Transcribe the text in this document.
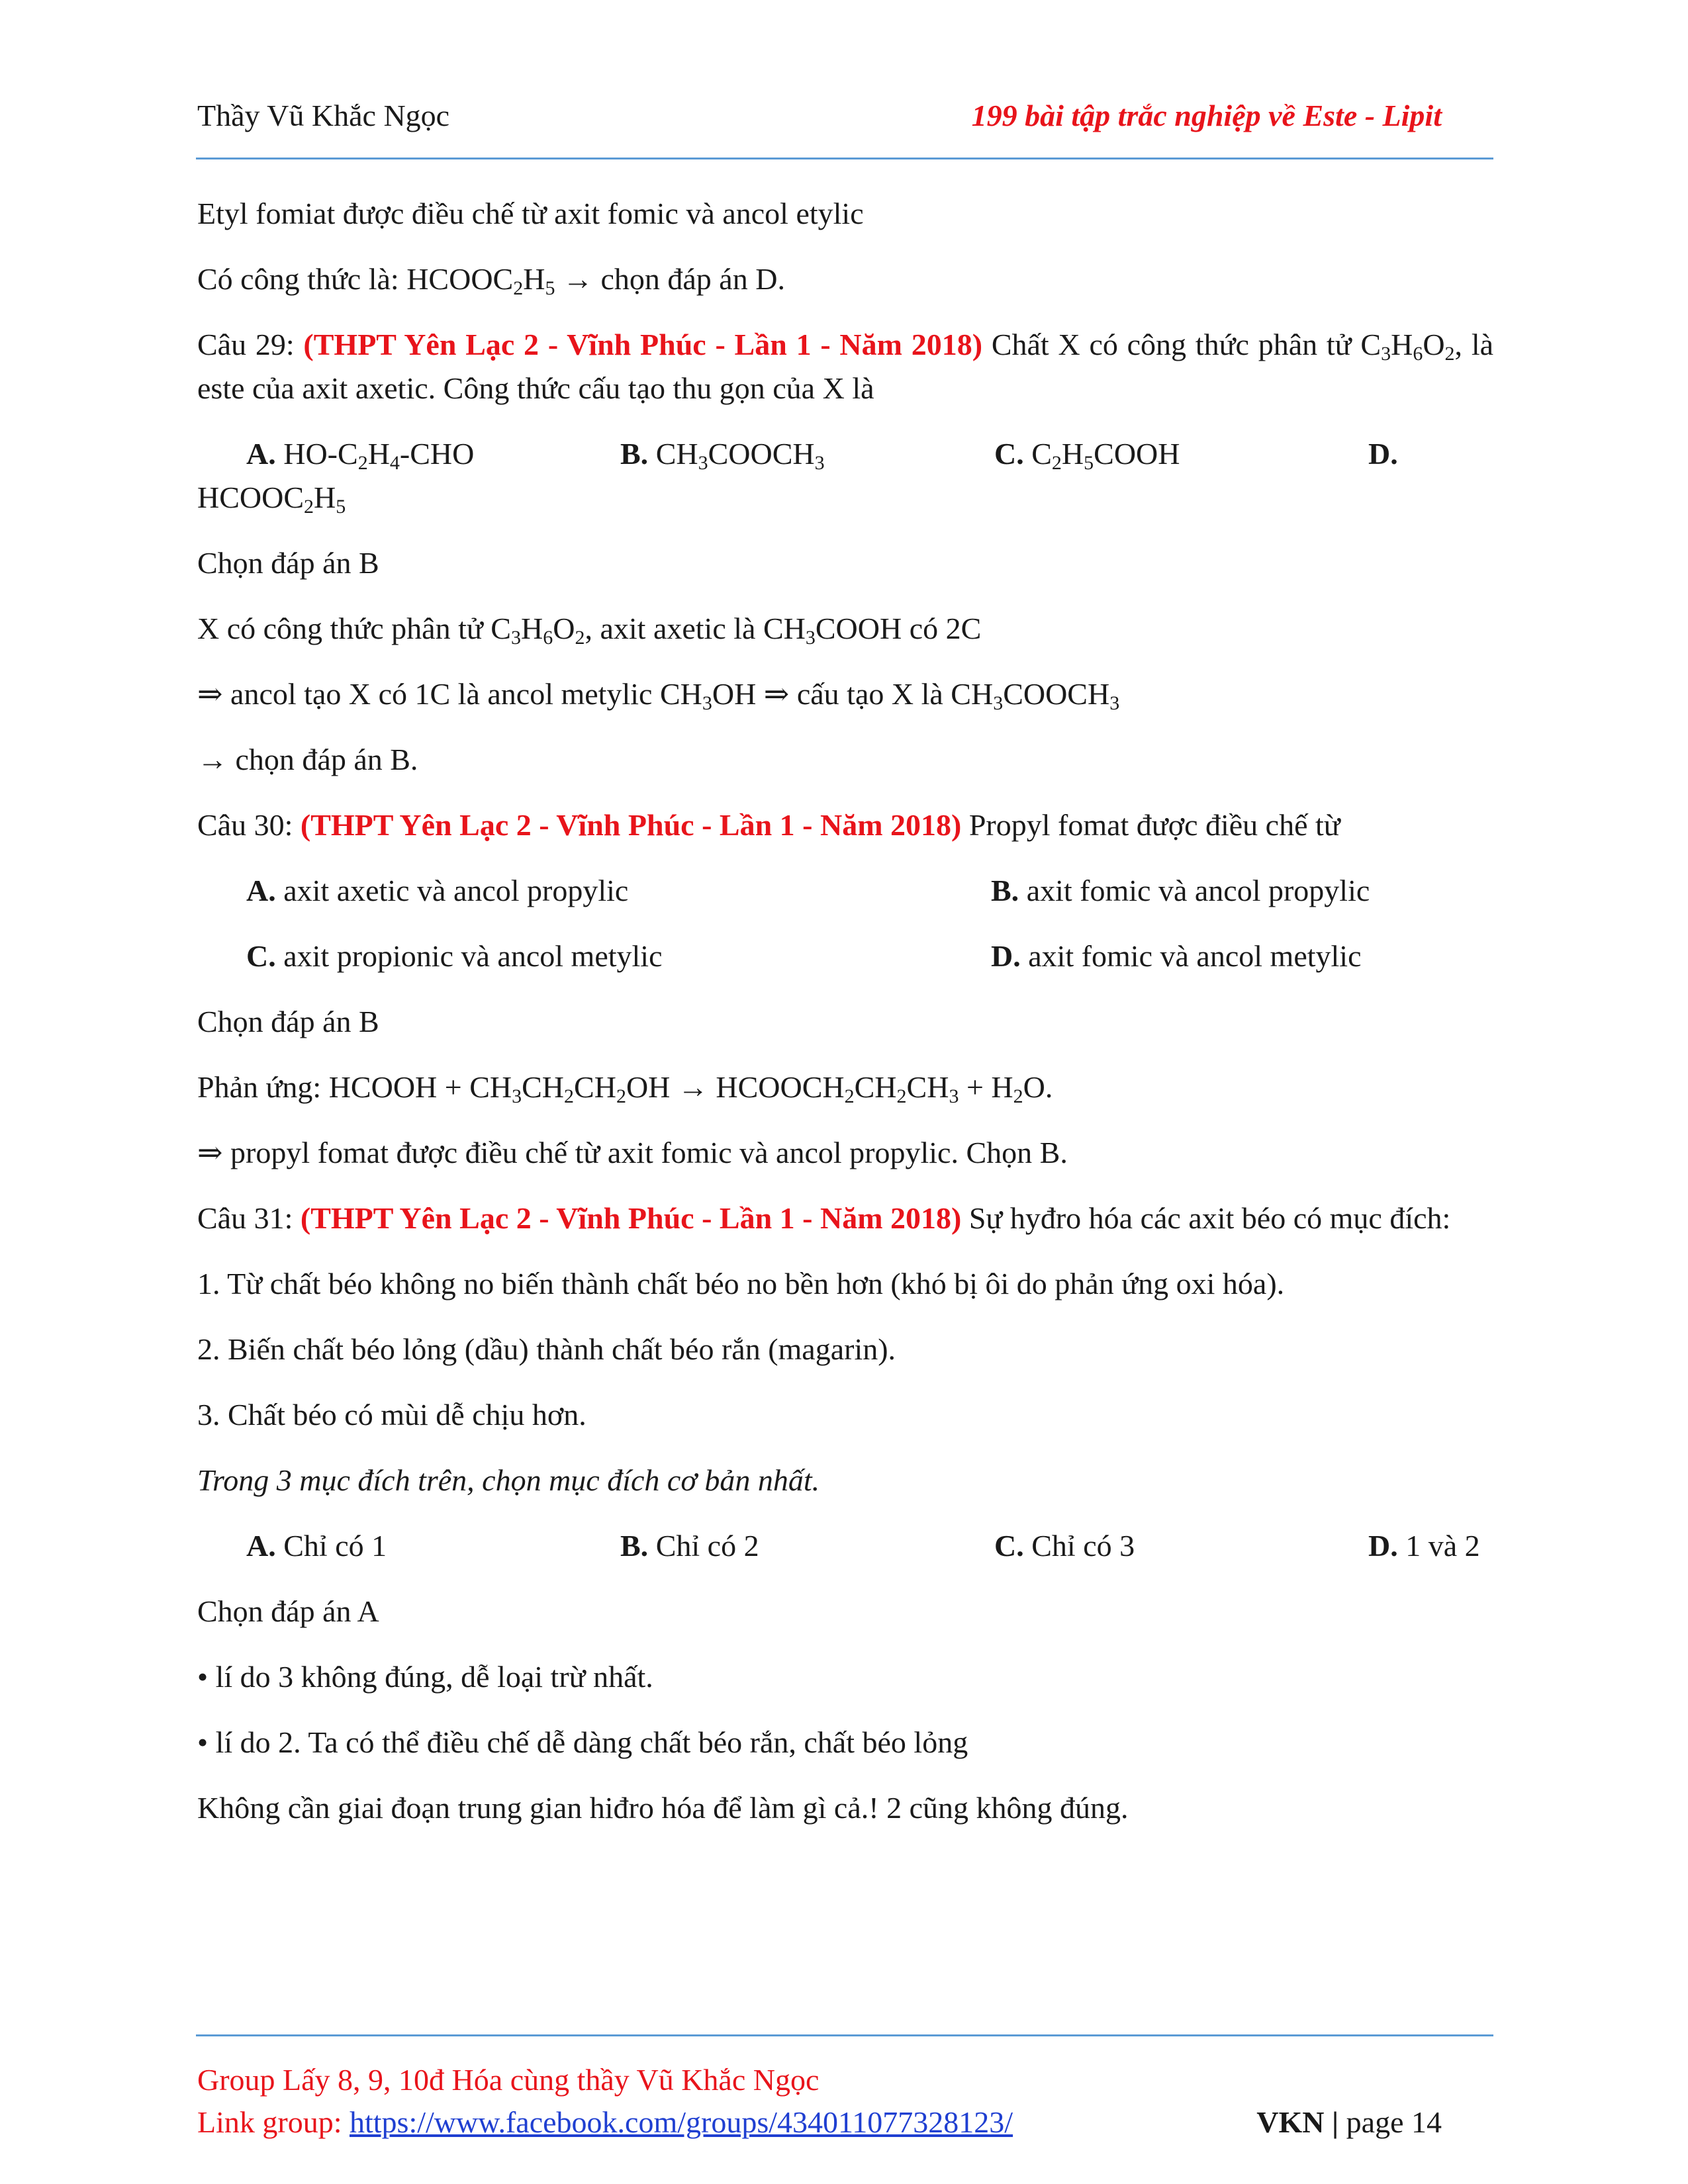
Thầy Vũ Khắc Ngọc	199 bài tập trắc nghiệp về Este - Lipit

Etyl fomiat được điều chế từ axit fomic và ancol etylic

Có công thức là: $HCOOC_2H_5$ → chọn đáp án D.

Câu 29: (THPT Yên Lạc 2 - Vĩnh Phúc - Lần 1 - Năm 2018) Chất X có công thức phân tử $C_3H_6O_2$, là este của axit axetic. Công thức cấu tạo thu gọn của X là

A. $HO-C_2H_4$-CHO	B. $CH_3COOCH_3$	C. $C_2H_5COOH$	D.

$HCOOC_2H_5$

Chọn đáp án B

X có công thức phân tử $C_3H_6O_2$, axit axetic là $CH_3COOH$ có 2C

⇒ ancol tạo X có 1C là ancol metylic $CH_3OH$ ⇒ cấu tạo X là $CH_3COOCH_3$

→ chọn đáp án B.

Câu 30: (THPT Yên Lạc 2 - Vĩnh Phúc - Lần 1 - Năm 2018) Propyl fomat được điều chế từ

A. axit axetic và ancol propylic	B. axit fomic và ancol propylic
C. axit propionic và ancol metylic	D. axit fomic và ancol metylic

Chọn đáp án B

Phản ứng: HCOOH + $CH_3CH_2CH_2OH$ → $HCOOCH_2CH_2CH_3 + H_2O$.

⇒ propyl fomat được điều chế từ axit fomic và ancol propylic. Chọn B.

Câu 31: (THPT Yên Lạc 2 - Vĩnh Phúc - Lần 1 - Năm 2018) Sự hyđro hóa các axit béo có mục đích:

1. Từ chất béo không no biến thành chất béo no bền hơn (khó bị ôi do phản ứng oxi hóa).

2. Biến chất béo lỏng (dầu) thành chất béo rắn (magarin).

3. Chất béo có mùi dễ chịu hơn.

Trong 3 mục đích trên, chọn mục đích cơ bản nhất.

A. Chỉ có 1	B. Chỉ có 2	C. Chỉ có 3	D. 1 và 2

Chọn đáp án A

• lí do 3 không đúng, dễ loại trừ nhất.

• lí do 2. Ta có thể điều chế dễ dàng chất béo rắn, chất béo lỏng

Không cần giai đoạn trung gian hiđro hóa để làm gì cả.! 2 cũng không đúng.

Group Lấy 8, 9, 10đ Hóa cùng thầy Vũ Khắc Ngọc
Link group: https://www.facebook.com/groups/434011077328123/	VKN | page 14
